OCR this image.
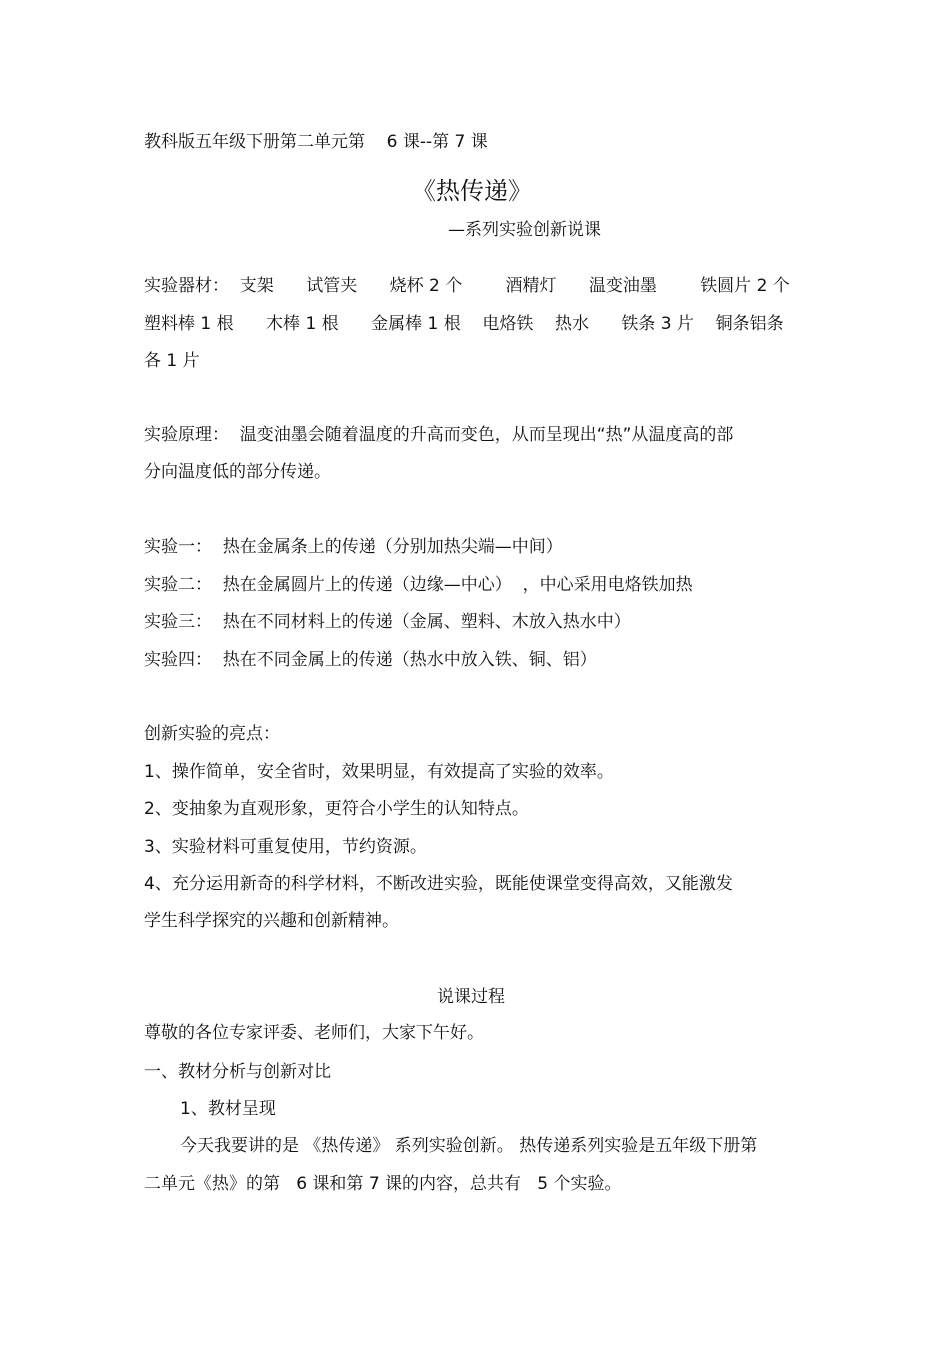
教科版五年级下册第二单元第    6 课--第 7 课

《热传递》

—系列实验创新说课

实验器材：  支架      试管夹      烧杯 2 个        酒精灯      温变油墨        铁圆片 2 个

塑料棒 1 根      木棒 1 根      金属棒 1 根    电烙铁    热水      铁条 3 片    铜条铝条

各 1 片

实验原理：  温变油墨会随着温度的升高而变色，从而呈现出“热”从温度高的部

分向温度低的部分传递。

实验一：  热在金属条上的传递（分别加热尖端—中间）

实验二：  热在金属圆片上的传递（边缘—中心）  ，中心采用电烙铁加热

实验三：  热在不同材料上的传递（金属、塑料、木放入热水中）

实验四：  热在不同金属上的传递（热水中放入铁、铜、铝）

创新实验的亮点：

1、操作简单，安全省时，效果明显，有效提高了实验的效率。

2、变抽象为直观形象，更符合小学生的认知特点。

3、实验材料可重复使用，节约资源。

4、充分运用新奇的科学材料，不断改进实验，既能使课堂变得高效，又能激发

学生科学探究的兴趣和创新精神。

说课过程

尊敬的各位专家评委、老师们，大家下午好。

一、教材分析与创新对比

1、教材呈现

今天我要讲的是 《热传递》 系列实验创新。 热传递系列实验是五年级下册第

二单元《热》的第   6 课和第 7 课的内容，总共有   5 个实验。
